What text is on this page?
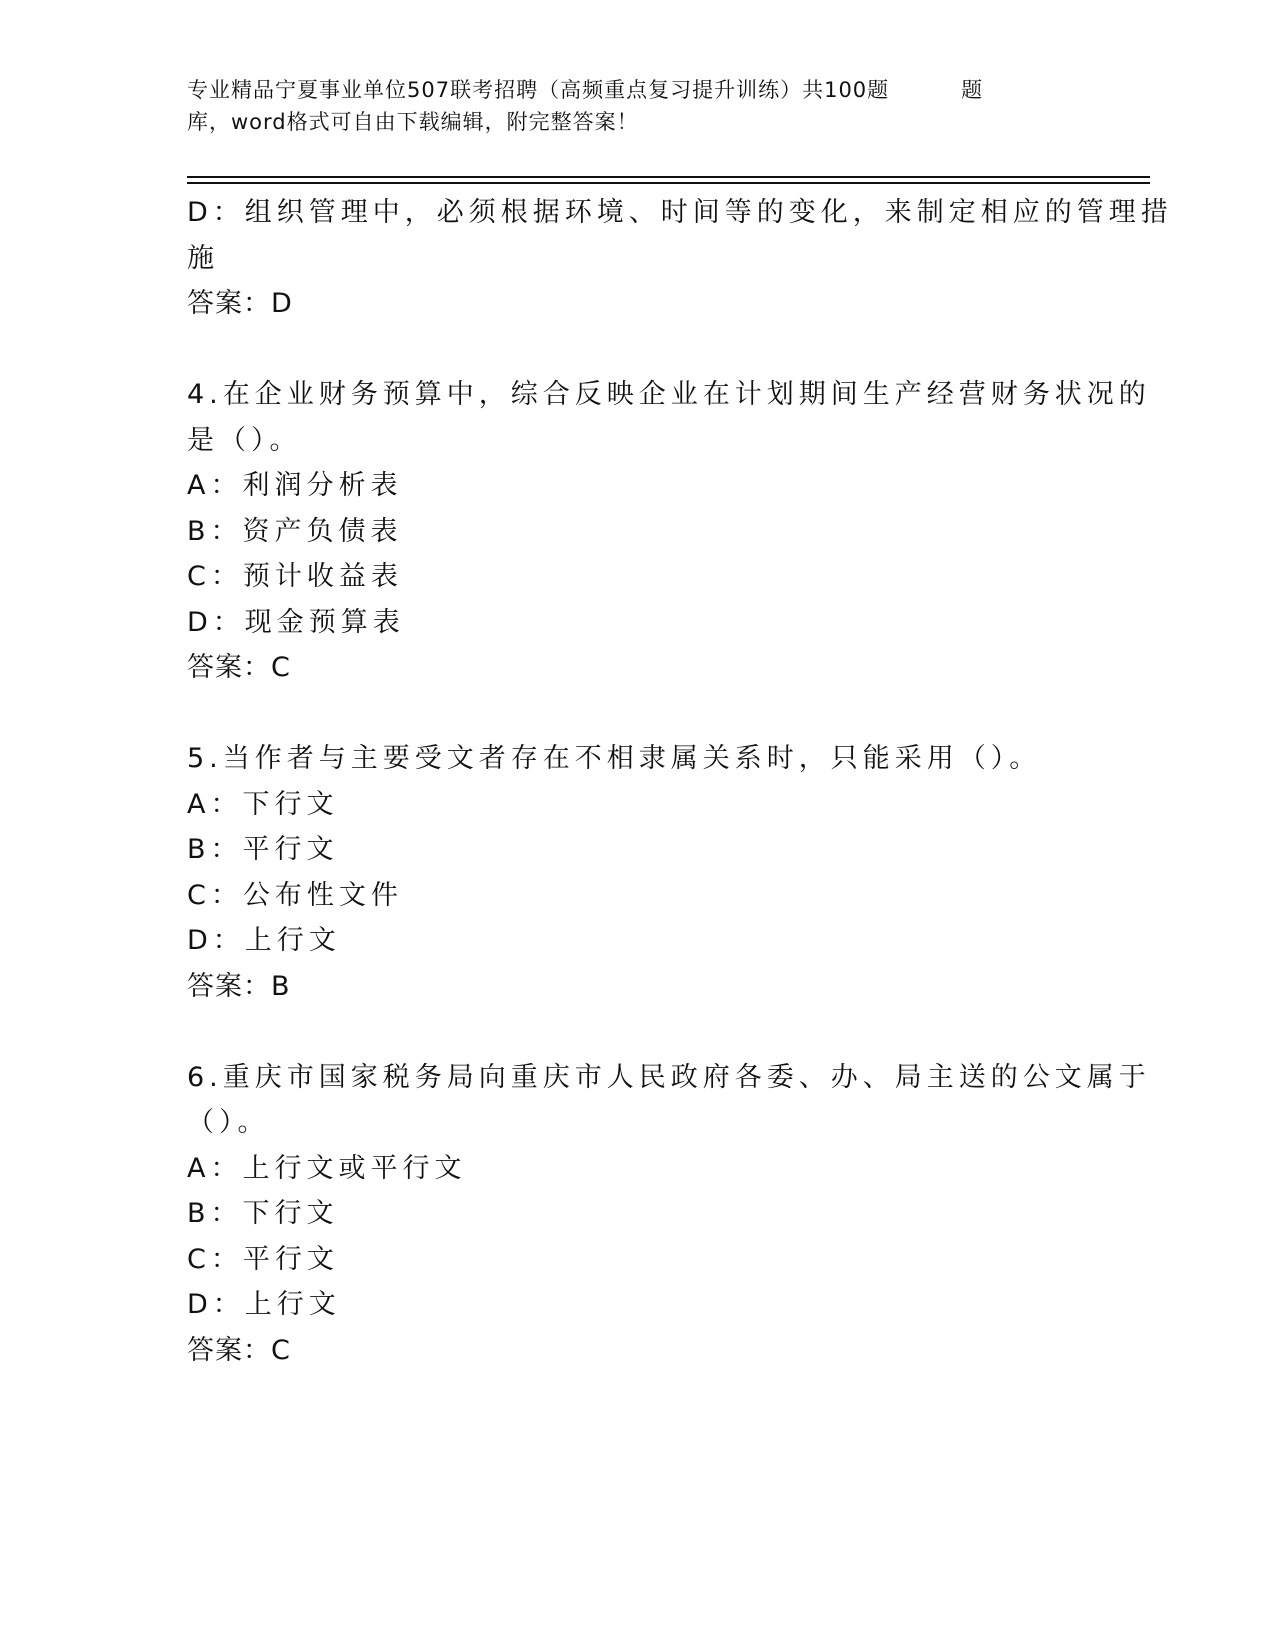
专业精品宁夏事业单位507联考招聘（高频重点复习提升训练）共100题	题
库，word格式可自由下载编辑，附完整答案！
D：组织管理中，必须根据环境、时间等的变化，来制定相应的管理措
施
答案：D
4.在企业财务预算中，综合反映企业在计划期间生产经营财务状况的
是（）。
A：利润分析表
B：资产负债表
C：预计收益表
D：现金预算表
答案：C
5.当作者与主要受文者存在不相隶属关系时，只能采用（）。
A：下行文
B：平行文
C：公布性文件
D：上行文
答案：B
6.重庆市国家税务局向重庆市人民政府各委、办、局主送的公文属于
（）。
A：上行文或平行文
B：下行文
C：平行文
D：上行文
答案：C
